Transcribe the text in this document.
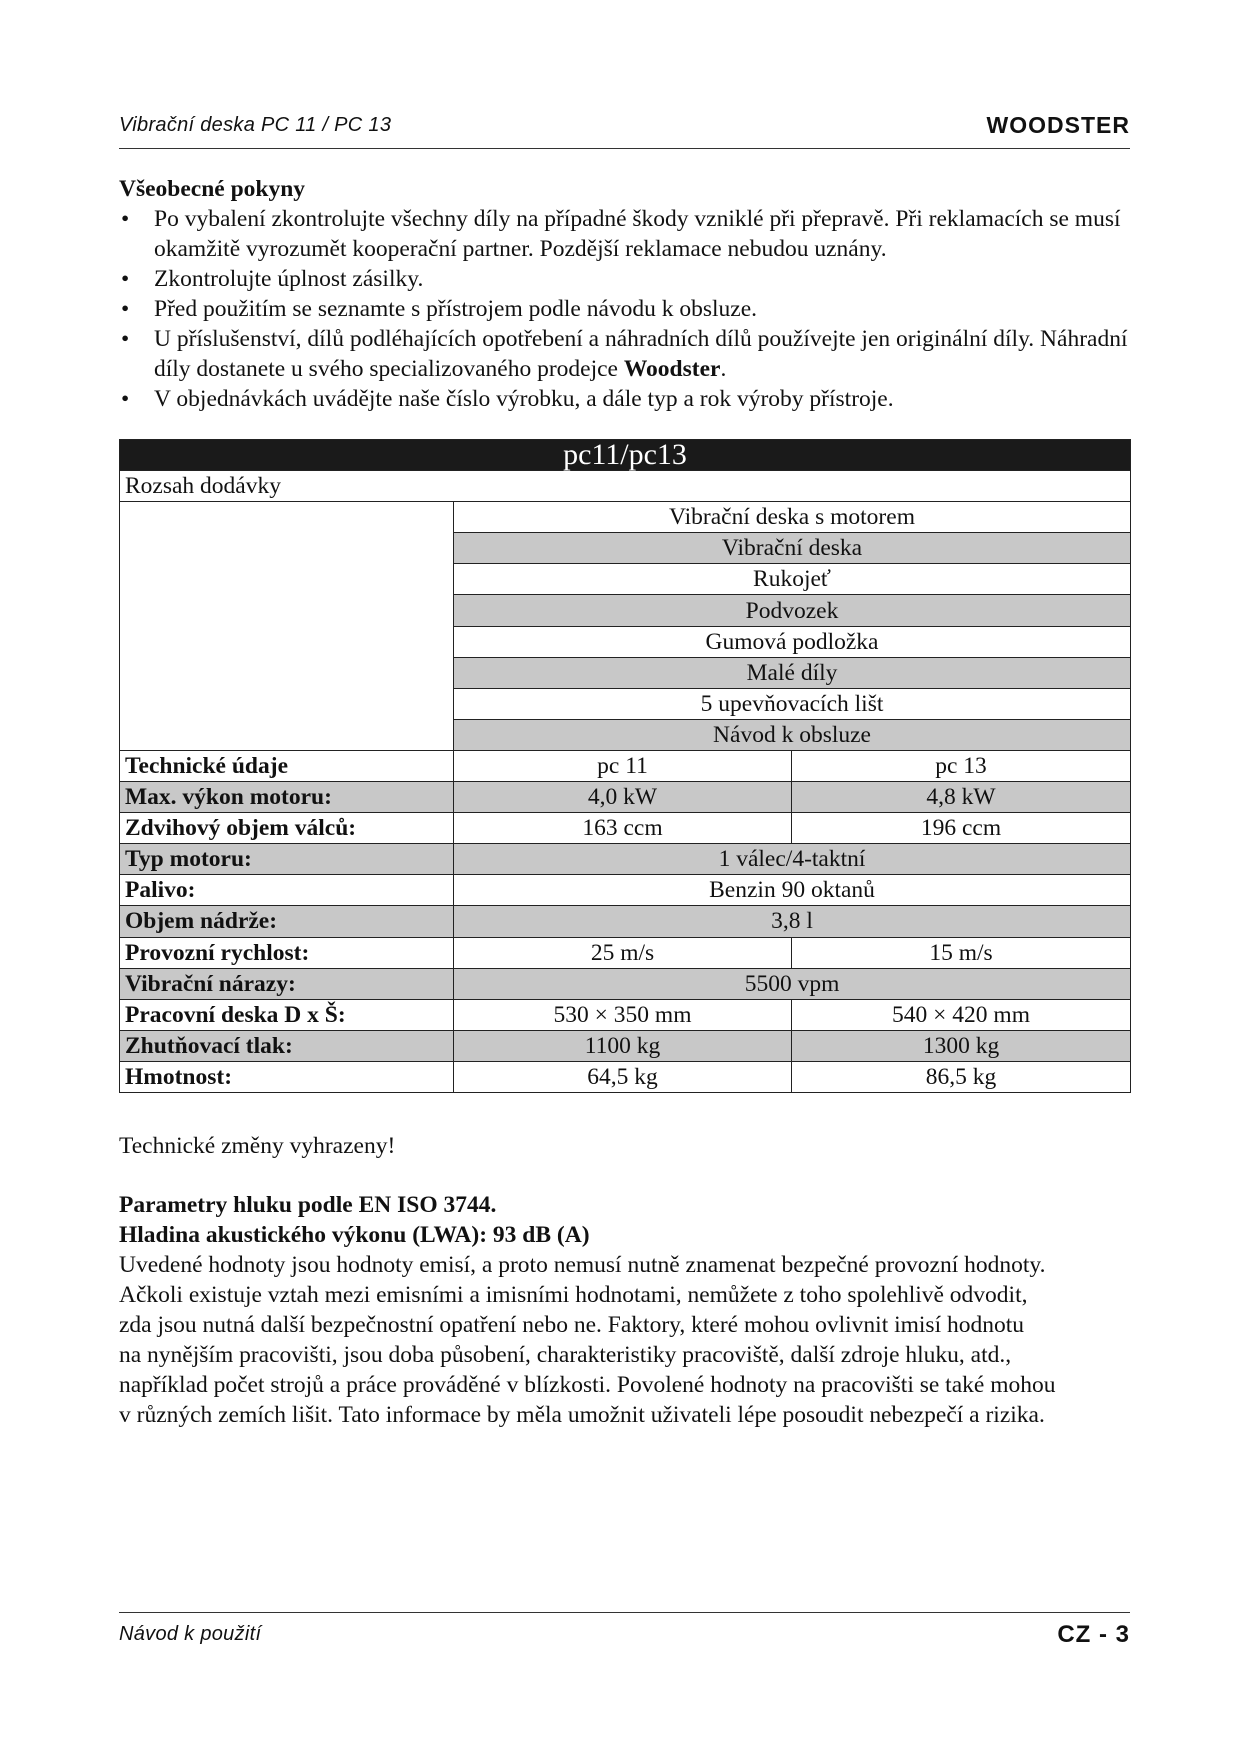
Vibrační deska PC 11 / PC 13	WOODSTER
Všeobecné pokyny
• Po vybalení zkontrolujte všechny díly na případné škody vzniklé při přepravě. Při reklamacích se musí okamžitě vyrozumět kooperační partner. Pozdější reklamace nebudou uznány.
• Zkontrolujte úplnost zásilky.
• Před použitím se seznamte s přístrojem podle návodu k obsluze.
• U příslušenství, dílů podléhajících opotřebení a náhradních dílů používejte jen originální díly. Náhradní díly dostanete u svého specializovaného prodejce Woodster.
• V objednávkách uvádějte naše číslo výrobku, a dále typ a rok výroby přístroje.
pc11/pc13		
Rozsah dodávky		
	Vibrační deska s motorem	
	Vibrační deska	
	Rukojeť	
	Podvozek	
	Gumová podložka	
	Malé díly	
	5 upevňovacích lišt	
	Návod k obsluze	
Technické údaje	pc 11	pc 13
Max. výkon motoru:	4,0 kW	4,8 kW
Zdvihový objem válců:	163 ccm	196 ccm
Typ motoru:	1 válec/4-taktní	
Palivo:	Benzin 90 oktanů	
Objem nádrže:	3,8 l	
Provozní rychlost:	25 m/s	15 m/s
Vibrační nárazy:	5500 vpm	
Pracovní deska D x Š:	530 × 350 mm	540 × 420 mm
Zhutňovací tlak:	1100 kg	1300 kg
Hmotnost:	64,5 kg	86,5 kg
Technické změny vyhrazeny!
Parametry hluku podle EN ISO 3744.
Hladina akustického výkonu (LWA): 93 dB (A)
Uvedené hodnoty jsou hodnoty emisí, a proto nemusí nutně znamenat bezpečné provozní hodnoty.
Ačkoli existuje vztah mezi emisními a imisními hodnotami, nemůžete z toho spolehlivě odvodit,
zda jsou nutná další bezpečnostní opatření nebo ne. Faktory, které mohou ovlivnit imisí hodnotu
na nynějším pracovišti, jsou doba působení, charakteristiky pracoviště, další zdroje hluku, atd.,
například počet strojů a práce prováděné v blízkosti. Povolené hodnoty na pracovišti se také mohou
v různých zemích lišit. Tato informace by měla umožnit uživateli lépe posoudit nebezpečí a rizika.
Návod k použití	CZ - 3
